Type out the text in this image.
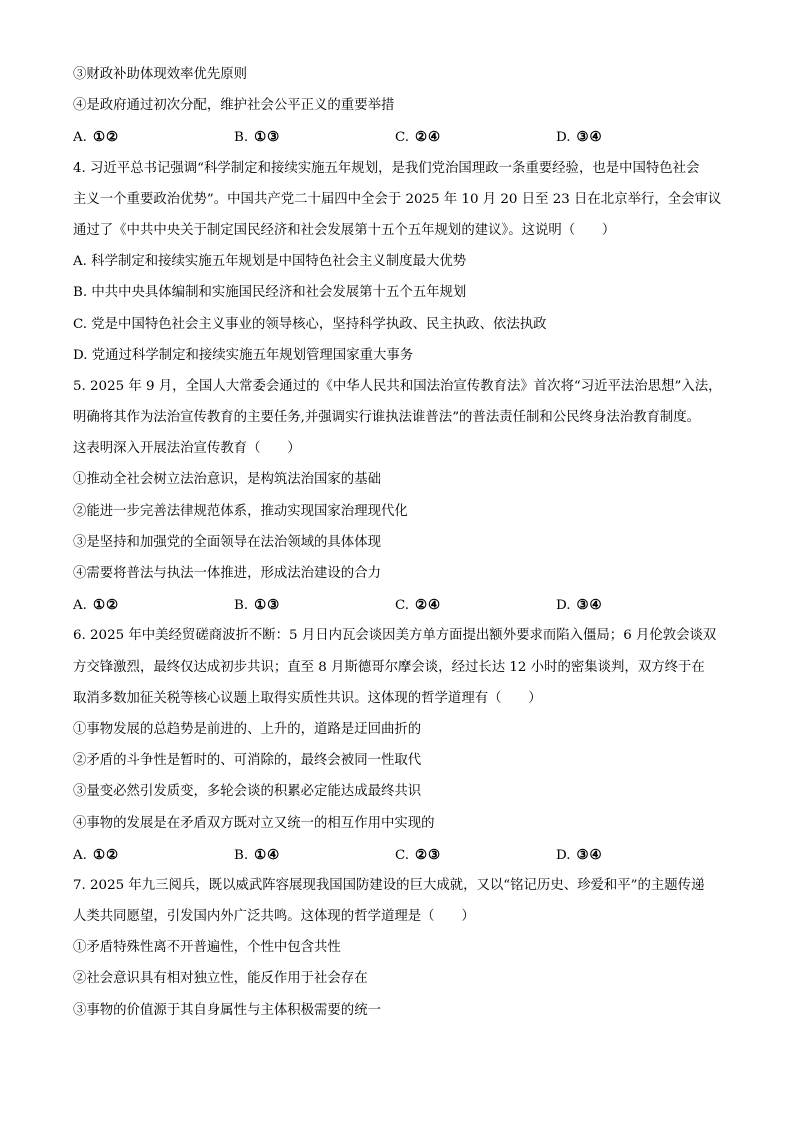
③财政补助体现效率优先原则
④是政府通过初次分配，维护社会公平正义的重要举措
A. ①②	B. ①③	C. ②④	D. ③④
4. 习近平总书记强调“科学制定和接续实施五年规划，是我们党治国理政一条重要经验，也是中国特色社会
主义一个重要政治优势”。中国共产党二十届四中全会于 2025 年 10 月 20 日至 23 日在北京举行，全会审议
通过了《中共中央关于制定国民经济和社会发展第十五个五年规划的建议》。这说明（　　）
A. 科学制定和接续实施五年规划是中国特色社会主义制度最大优势
B. 中共中央具体编制和实施国民经济和社会发展第十五个五年规划
C. 党是中国特色社会主义事业的领导核心，坚持科学执政、民主执政、依法执政
D. 党通过科学制定和接续实施五年规划管理国家重大事务
5. 2025 年 9 月，全国人大常委会通过的《中华人民共和国法治宣传教育法》首次将“习近平法治思想”入法，
明确将其作为法治宣传教育的主要任务,并强调实行谁执法谁普法”的普法责任制和公民终身法治教育制度。
这表明深入开展法治宣传教育（　　）
①推动全社会树立法治意识，是构筑法治国家的基础
②能进一步完善法律规范体系，推动实现国家治理现代化
③是坚持和加强党的全面领导在法治领域的具体体现
④需要将普法与执法一体推进，形成法治建设的合力
A. ①②	B. ①③	C. ②④	D. ③④
6. 2025 年中美经贸磋商波折不断：5 月日内瓦会谈因美方单方面提出额外要求而陷入僵局；6 月伦敦会谈双
方交锋激烈，最终仅达成初步共识；直至 8 月斯德哥尔摩会谈，经过长达 12 小时的密集谈判，双方终于在
取消多数加征关税等核心议题上取得实质性共识。这体现的哲学道理有（　　）
①事物发展的总趋势是前进的、上升的，道路是迂回曲折的
②矛盾的斗争性是暂时的、可消除的，最终会被同一性取代
③量变必然引发质变，多轮会谈的积累必定能达成最终共识
④事物的发展是在矛盾双方既对立又统一的相互作用中实现的
A. ①②	B. ①④	C. ②③	D. ③④
7. 2025 年九三阅兵，既以威武阵容展现我国国防建设的巨大成就，又以“铭记历史、珍爱和平”的主题传递
人类共同愿望，引发国内外广泛共鸣。这体现的哲学道理是（　　）
①矛盾特殊性离不开普遍性，个性中包含共性
②社会意识具有相对独立性，能反作用于社会存在
③事物的价值源于其自身属性与主体积极需要的统一
